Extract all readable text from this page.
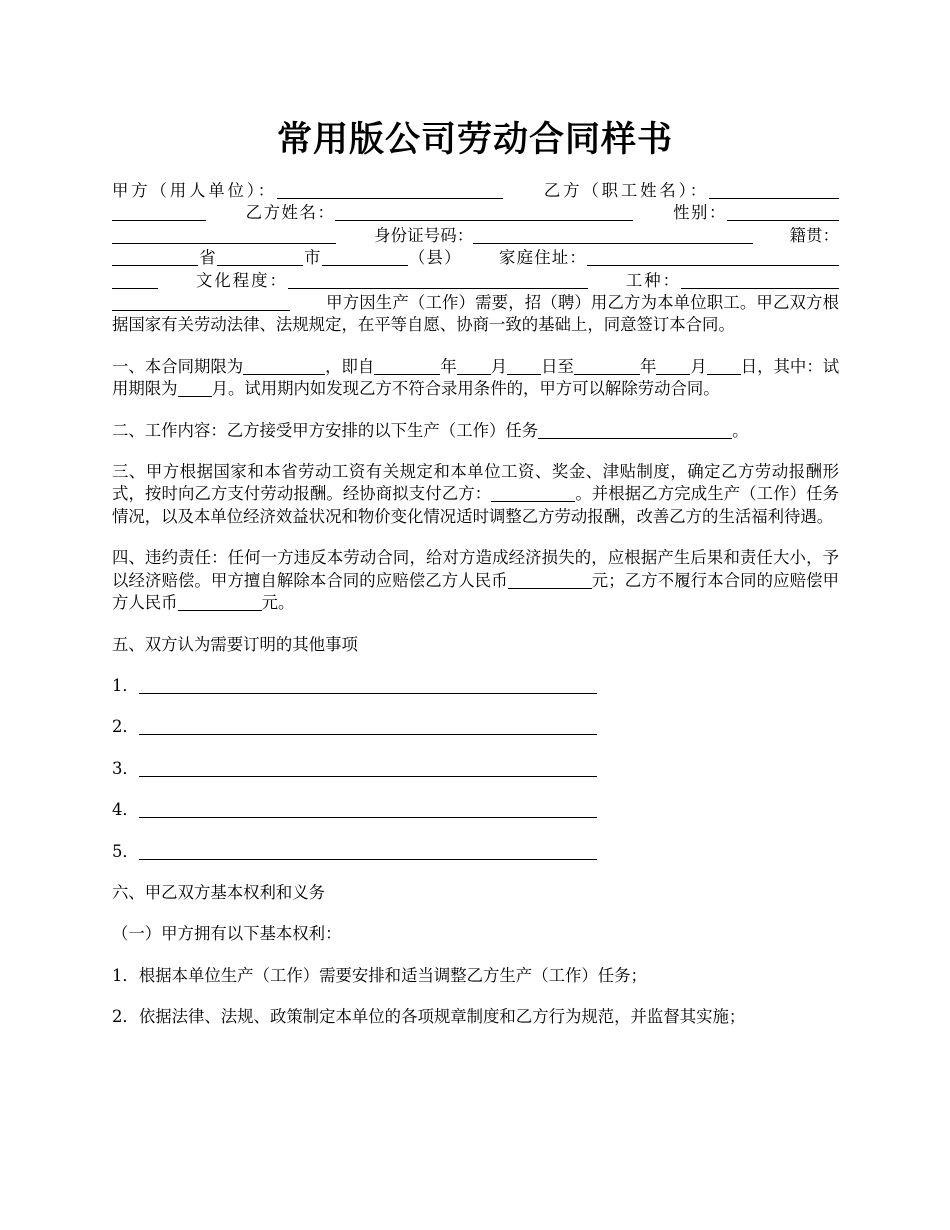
常用版公司劳动合同样书

甲方（用人单位）：	乙方（职工姓名）：乙方姓名：	性别：身份证号码：	籍贯：省	市	（县） 家庭住址：文化程度：	工种：甲方因生产（工作）需要，招（聘）用乙方为本单位职工。甲乙双方根据国家有关劳动法律、法规规定，在平等自愿、协商一致的基础上，同意签订本合同。

一、本合同期限为	，即自	年 月 日至	年 月 日，其中：试用期限为 月。试用期内如发现乙方不符合录用条件的，甲方可以解除劳动合同。

二、工作内容：乙方接受甲方安排的以下生产（工作）任务	。

三、甲方根据国家和本省劳动工资有关规定和本单位工资、奖金、津贴制度，确定乙方劳动报酬形式，按时向乙方支付劳动报酬。经协商拟支付乙方：	。并根据乙方完成生产（工作）任务情况，以及本单位经济效益状况和物价变化情况适时调整乙方劳动报酬，改善乙方的生活福利待遇。

四、违约责任：任何一方违反本劳动合同，给对方造成经济损失的，应根据产生后果和责任大小，予以经济赔偿。甲方擅自解除本合同的应赔偿乙方人民币	元；乙方不履行本合同的应赔偿甲方人民币	元。

五、双方认为需要订明的其他事项

1．

2．

3．

4．

5．

六、甲乙双方基本权利和义务

（一）甲方拥有以下基本权利：

1．根据本单位生产（工作）需要安排和适当调整乙方生产（工作）任务；

2．依据法律、法规、政策制定本单位的各项规章制度和乙方行为规范，并监督其实施；
